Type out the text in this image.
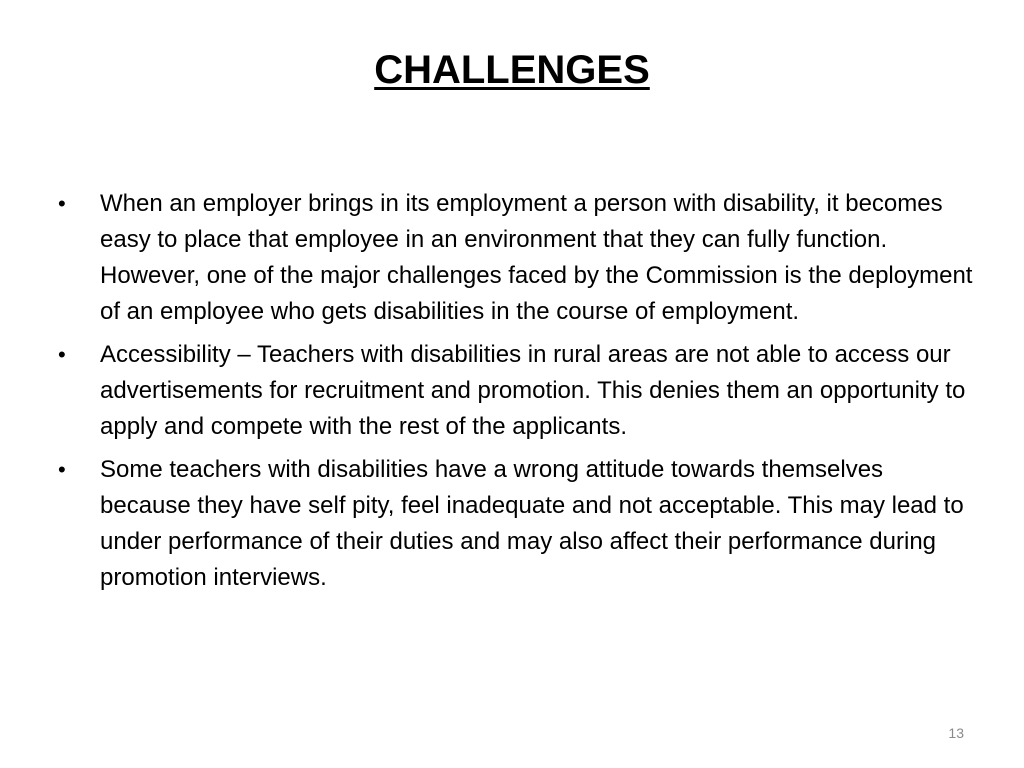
CHALLENGES
•	When an employer brings in its employment a person with disability, it becomes easy to place that employee in an environment that they can fully function. However, one of the major challenges faced by the Commission is the deployment of an employee who gets disabilities in the course of employment.
•	Accessibility – Teachers with disabilities in rural areas are not able to access our advertisements for recruitment and promotion. This denies them an opportunity to apply and compete with the rest of the applicants.
•	Some teachers with disabilities have a wrong attitude towards themselves because they have self pity, feel inadequate and not acceptable. This may lead to under performance of their duties and may also affect their performance during promotion interviews.
13
